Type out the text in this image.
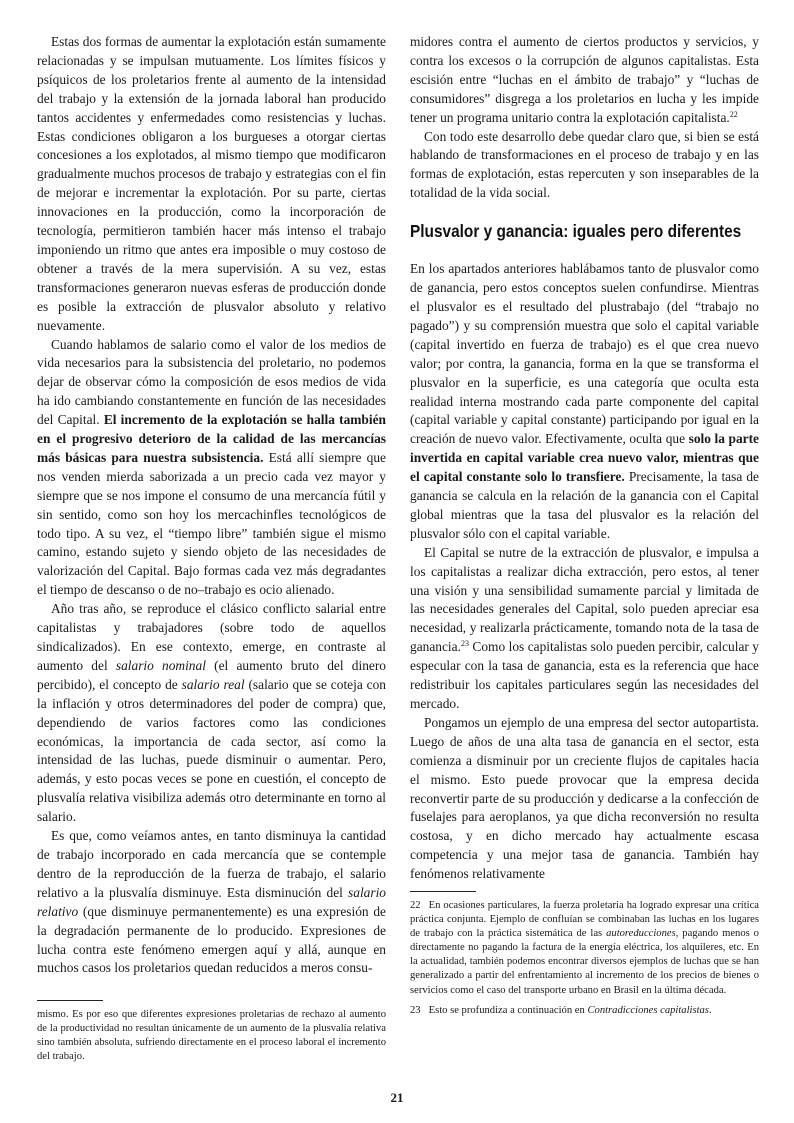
Estas dos formas de aumentar la explotación están sumamente relacionadas y se impulsan mutuamente. Los límites físicos y psíquicos de los proletarios frente al aumento de la intensidad del trabajo y la extensión de la jornada laboral han producido tantos accidentes y enfermedades como resistencias y luchas. Estas condiciones obligaron a los burgueses a otorgar ciertas concesiones a los explotados, al mismo tiempo que modificaron gradualmente muchos procesos de trabajo y estrategias con el fin de mejorar e incrementar la explotación. Por su parte, ciertas innovaciones en la producción, como la incorporación de tecnología, permitieron también hacer más intenso el trabajo imponiendo un ritmo que antes era imposible o muy costoso de obtener a través de la mera supervisión. A su vez, estas transformaciones generaron nuevas esferas de producción donde es posible la extracción de plusvalor absoluto y relativo nuevamente.

Cuando hablamos de salario como el valor de los medios de vida necesarios para la subsistencia del proletario, no podemos dejar de observar cómo la composición de esos medios de vida ha ido cambiando constantemente en función de las necesidades del Capital. El incremento de la explotación se halla también en el progresivo deterioro de la calidad de las mercancías más básicas para nuestra subsistencia. Está allí siempre que nos venden mierda saborizada a un precio cada vez mayor y siempre que se nos impone el consumo de una mercancía fútil y sin sentido, como son hoy los mercachinfles tecnológicos de todo tipo. A su vez, el “tiempo libre” también sigue el mismo camino, estando sujeto y siendo objeto de las necesidades de valorización del Capital. Bajo formas cada vez más degradantes el tiempo de descanso o de no–trabajo es ocio alienado.

Año tras año, se reproduce el clásico conflicto salarial entre capitalistas y trabajadores (sobre todo de aquellos sindicalizados). En ese contexto, emerge, en contraste al aumento del salario nominal (el aumento bruto del dinero percibido), el concepto de salario real (salario que se coteja con la inflación y otros determinadores del poder de compra) que, dependiendo de varios factores como las condiciones económicas, la importancia de cada sector, así como la intensidad de las luchas, puede disminuir o aumentar. Pero, además, y esto pocas veces se pone en cuestión, el concepto de plusvalía relativa visibiliza además otro determinante en torno al salario.

Es que, como veíamos antes, en tanto disminuya la cantidad de trabajo incorporado en cada mercancía que se contemple dentro de la reproducción de la fuerza de trabajo, el salario relativo a la plusvalía disminuye. Esta disminución del salario relativo (que disminuye permanentemente) es una expresión de la degradación permanente de lo producido. Expresiones de lucha contra este fenómeno emergen aquí y allá, aunque en muchos casos los proletarios quedan reducidos a meros consu-

midores contra el aumento de ciertos productos y servicios, y contra los excesos o la corrupción de algunos capitalistas. Esta escisión entre “luchas en el ámbito de trabajo” y “luchas de consumidores” disgrega a los proletarios en lucha y les impide tener un programa unitario contra la explotación capitalista.$^{22}$

Con todo este desarrollo debe quedar claro que, si bien se está hablando de transformaciones en el proceso de trabajo y en las formas de explotación, estas repercuten y son inseparables de la totalidad de la vida social.

Plusvalor y ganancia: iguales pero diferentes

En los apartados anteriores hablábamos tanto de plusvalor como de ganancia, pero estos conceptos suelen confundirse. Mientras el plusvalor es el resultado del plustrabajo (del “trabajo no pagado”) y su comprensión muestra que solo el capital variable (capital invertido en fuerza de trabajo) es el que crea nuevo valor; por contra, la ganancia, forma en la que se transforma el plusvalor en la superficie, es una categoría que oculta esta realidad interna mostrando cada parte componente del capital (capital variable y capital constante) participando por igual en la creación de nuevo valor. Efectivamente, oculta que solo la parte invertida en capital variable crea nuevo valor, mientras que el capital constante solo lo transfiere. Precisamente, la tasa de ganancia se calcula en la relación de la ganancia con el Capital global mientras que la tasa del plusvalor es la relación del plusvalor sólo con el capital variable.

El Capital se nutre de la extracción de plusvalor, e impulsa a los capitalistas a realizar dicha extracción, pero estos, al tener una visión y una sensibilidad sumamente parcial y limitada de las necesidades generales del Capital, solo pueden apreciar esa necesidad, y realizarla prácticamente, tomando nota de la tasa de ganancia.$^{23}$ Como los capitalistas solo pueden percibir, calcular y especular con la tasa de ganancia, esta es la referencia que hace redistribuir los capitales particulares según las necesidades del mercado.

Pongamos un ejemplo de una empresa del sector autopartista. Luego de años de una alta tasa de ganancia en el sector, esta comienza a disminuir por un creciente flujos de capitales hacia el mismo. Esto puede provocar que la empresa decida reconvertir parte de su producción y dedicarse a la confección de fuselajes para aeroplanos, ya que dicha reconversión no resulta costosa, y en dicho mercado hay actualmente escasa competencia y una mejor tasa de ganancia. También hay fenómenos relativamente

mismo. Es por eso que diferentes expresiones proletarias de rechazo al aumento de la productividad no resultan únicamente de un aumento de la plusvalía relativa sino también absoluta, sufriendo directamente en el proceso laboral el incremento del trabajo.

22 En ocasiones particulares, la fuerza proletaria ha logrado expresar una crítica práctica conjunta. Ejemplo de confluían se combinaban las luchas en los lugares de trabajo con la práctica sistemática de las autoreducciones, pagando menos o directamente no pagando la factura de la energía eléctrica, los alquileres, etc. En la actualidad, también podemos encontrar diversos ejemplos de luchas que se han generalizado a partir del enfrentamiento al incremento de los precios de bienes o servicios como el caso del transporte urbano en Brasil en la última década.

23 Esto se profundiza a continuación en Contradicciones capitalistas.

21
